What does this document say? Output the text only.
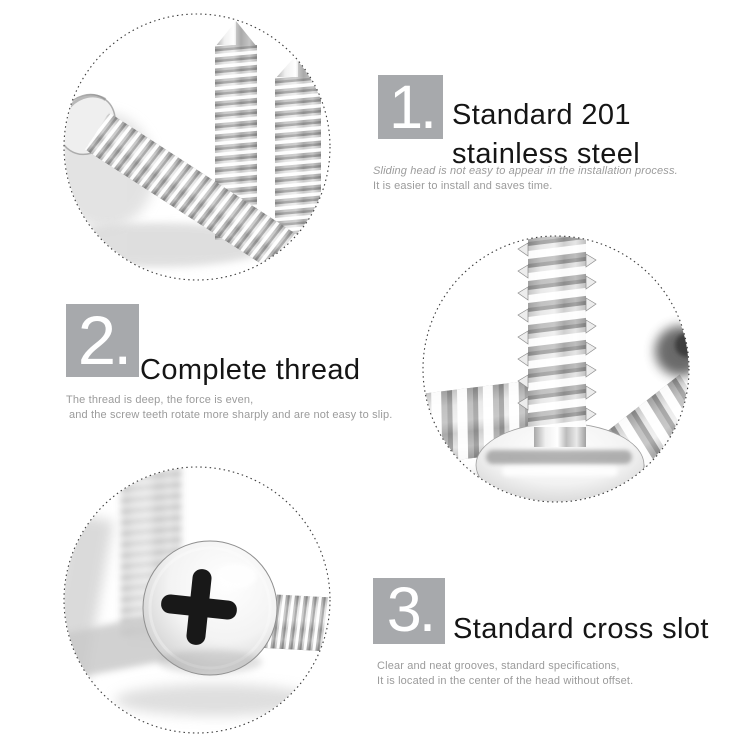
1. Standard 201
stainless steel

Sliding head is not easy to appear in the installation process.
It is easier to install and saves time.

2. Complete thread

The thread is deep, the force is even,
and the screw teeth rotate more sharply and are not easy to slip.

3. Standard cross slot

Clear and neat grooves, standard specifications,
It is located in the center of the head without offset.
